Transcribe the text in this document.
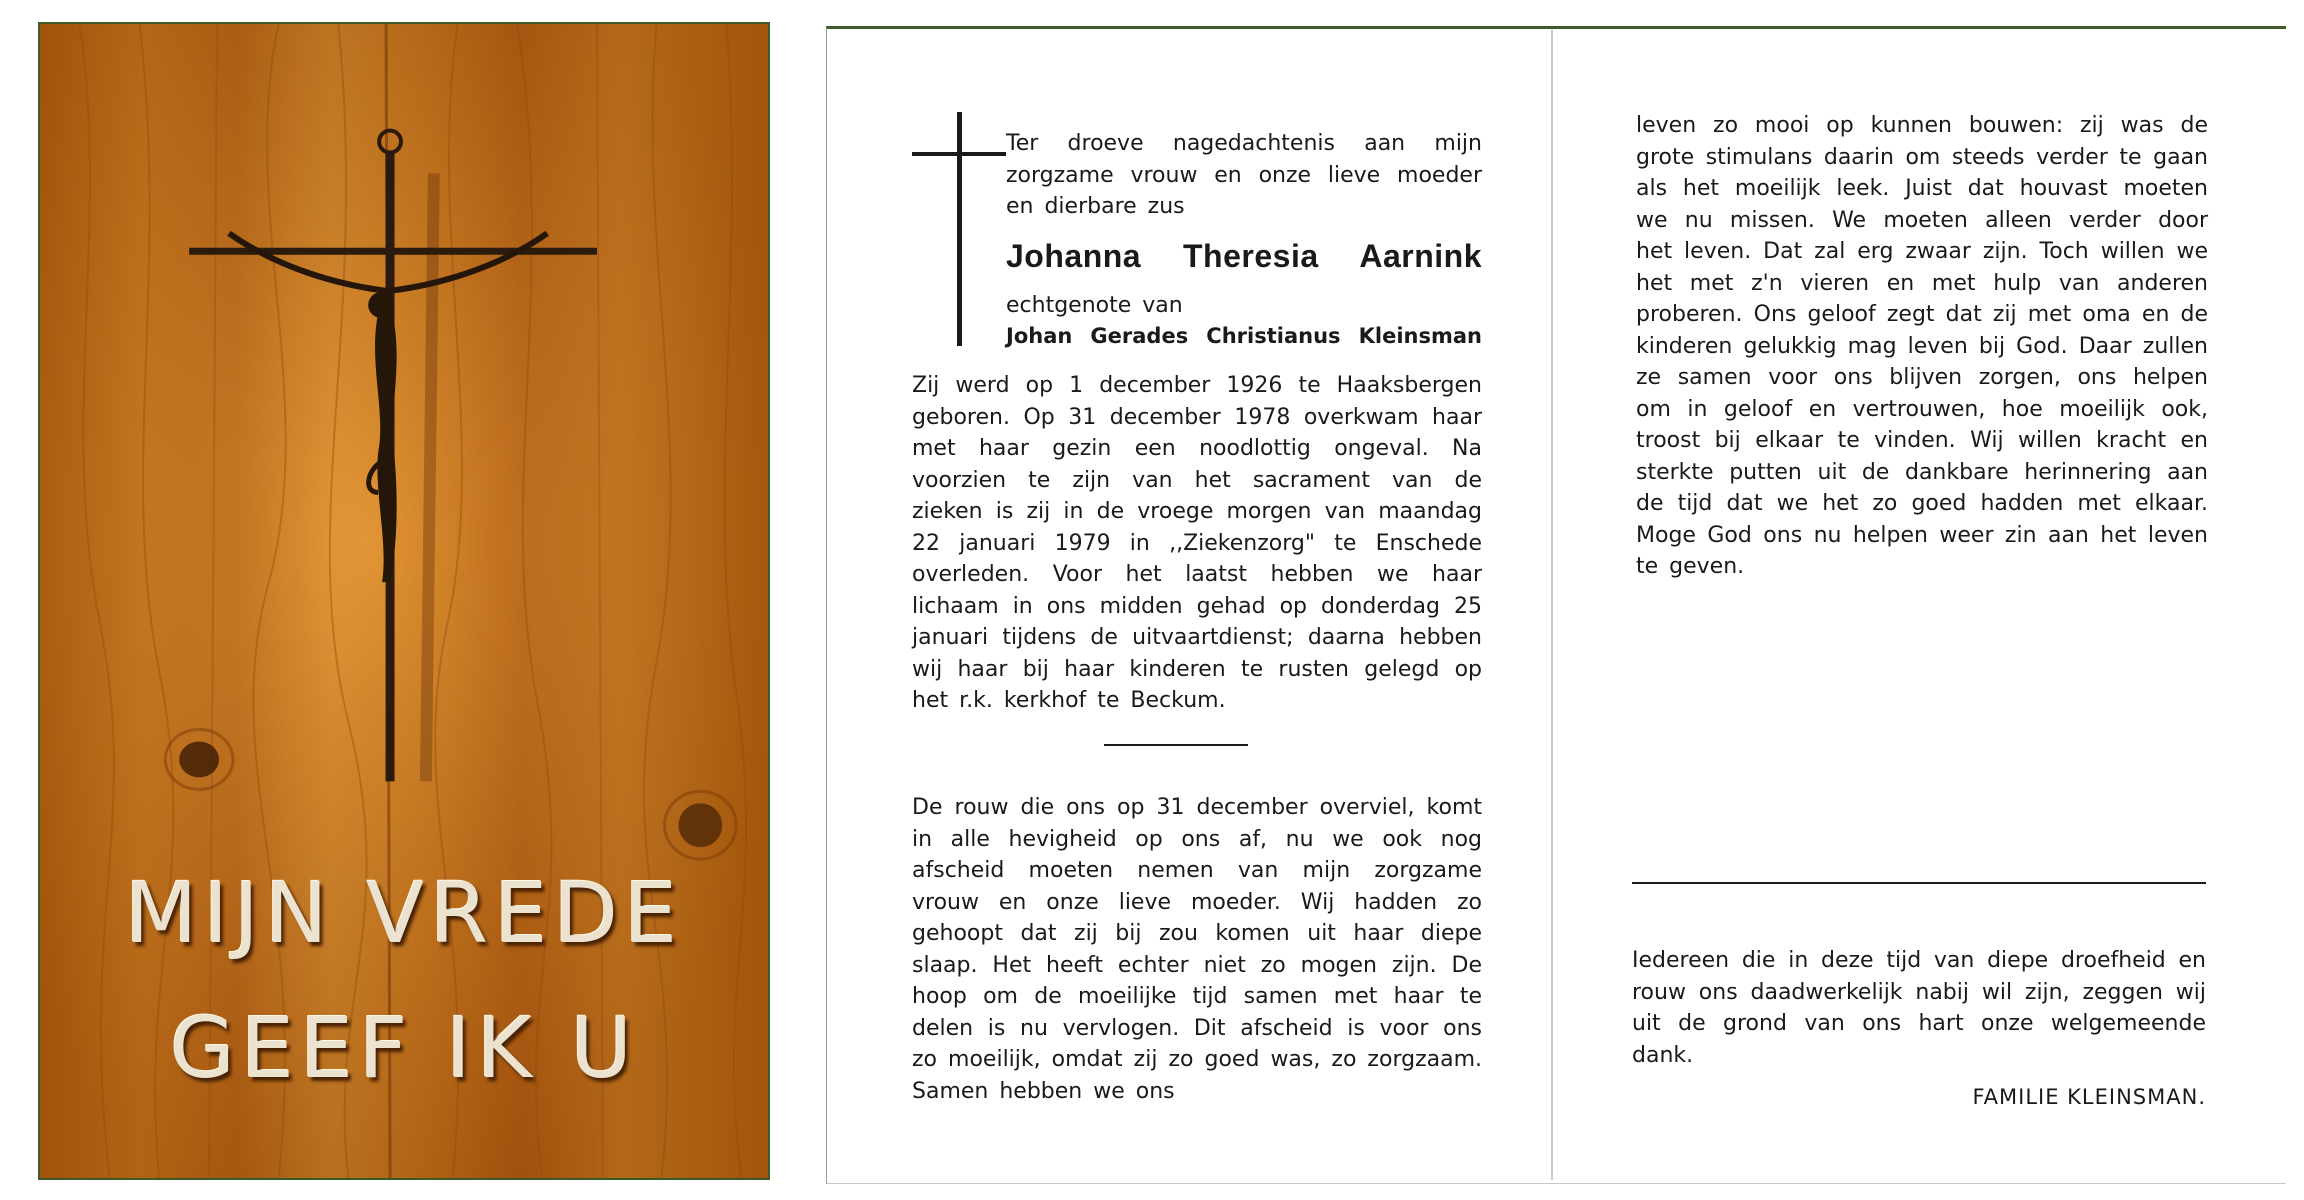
MIJN VREDE
GEEF IK U

Ter droeve nagedachtenis aan mijn zorgzame vrouw en onze lieve moeder en dierbare zus

Johanna Theresia Aarnink

echtgenote van

Johan Gerades Christianus Kleinsman

Zij werd op 1 december 1926 te Haaksbergen geboren. Op 31 december 1978 overkwam haar met haar gezin een noodlottig ongeval. Na voorzien te zijn van het sacrament van de zieken is zij in de vroege morgen van maandag 22 januari 1979 in ,,Ziekenzorg" te Enschede overleden. Voor het laatst hebben we haar lichaam in ons midden gehad op donderdag 25 januari tijdens de uitvaartdienst; daarna hebben wij haar bij haar kinderen te rusten gelegd op het r.k. kerkhof te Beckum.

De rouw die ons op 31 december overviel, komt in alle hevigheid op ons af, nu we ook nog afscheid moeten nemen van mijn zorgzame vrouw en onze lieve moeder. Wij hadden zo gehoopt dat zij bij zou komen uit haar diepe slaap. Het heeft echter niet zo mogen zijn. De hoop om de moeilijke tijd samen met haar te delen is nu vervlogen. Dit afscheid is voor ons zo moeilijk, omdat zij zo goed was, zo zorgzaam. Samen hebben we ons

leven zo mooi op kunnen bouwen: zij was de grote stimulans daarin om steeds verder te gaan als het moeilijk leek. Juist dat houvast moeten we nu missen. We moeten alleen verder door het leven. Dat zal erg zwaar zijn. Toch willen we het met z'n vieren en met hulp van anderen proberen. Ons geloof zegt dat zij met oma en de kinderen gelukkig mag leven bij God. Daar zullen ze samen voor ons blijven zorgen, ons helpen om in geloof en vertrouwen, hoe moeilijk ook, troost bij elkaar te vinden. Wij willen kracht en sterkte putten uit de dankbare herinnering aan de tijd dat we het zo goed hadden met elkaar. Moge God ons nu helpen weer zin aan het leven te geven.

Iedereen die in deze tijd van diepe droefheid en rouw ons daadwerkelijk nabij wil zijn, zeggen wij uit de grond van ons hart onze welgemeende dank.

FAMILIE KLEINSMAN.
